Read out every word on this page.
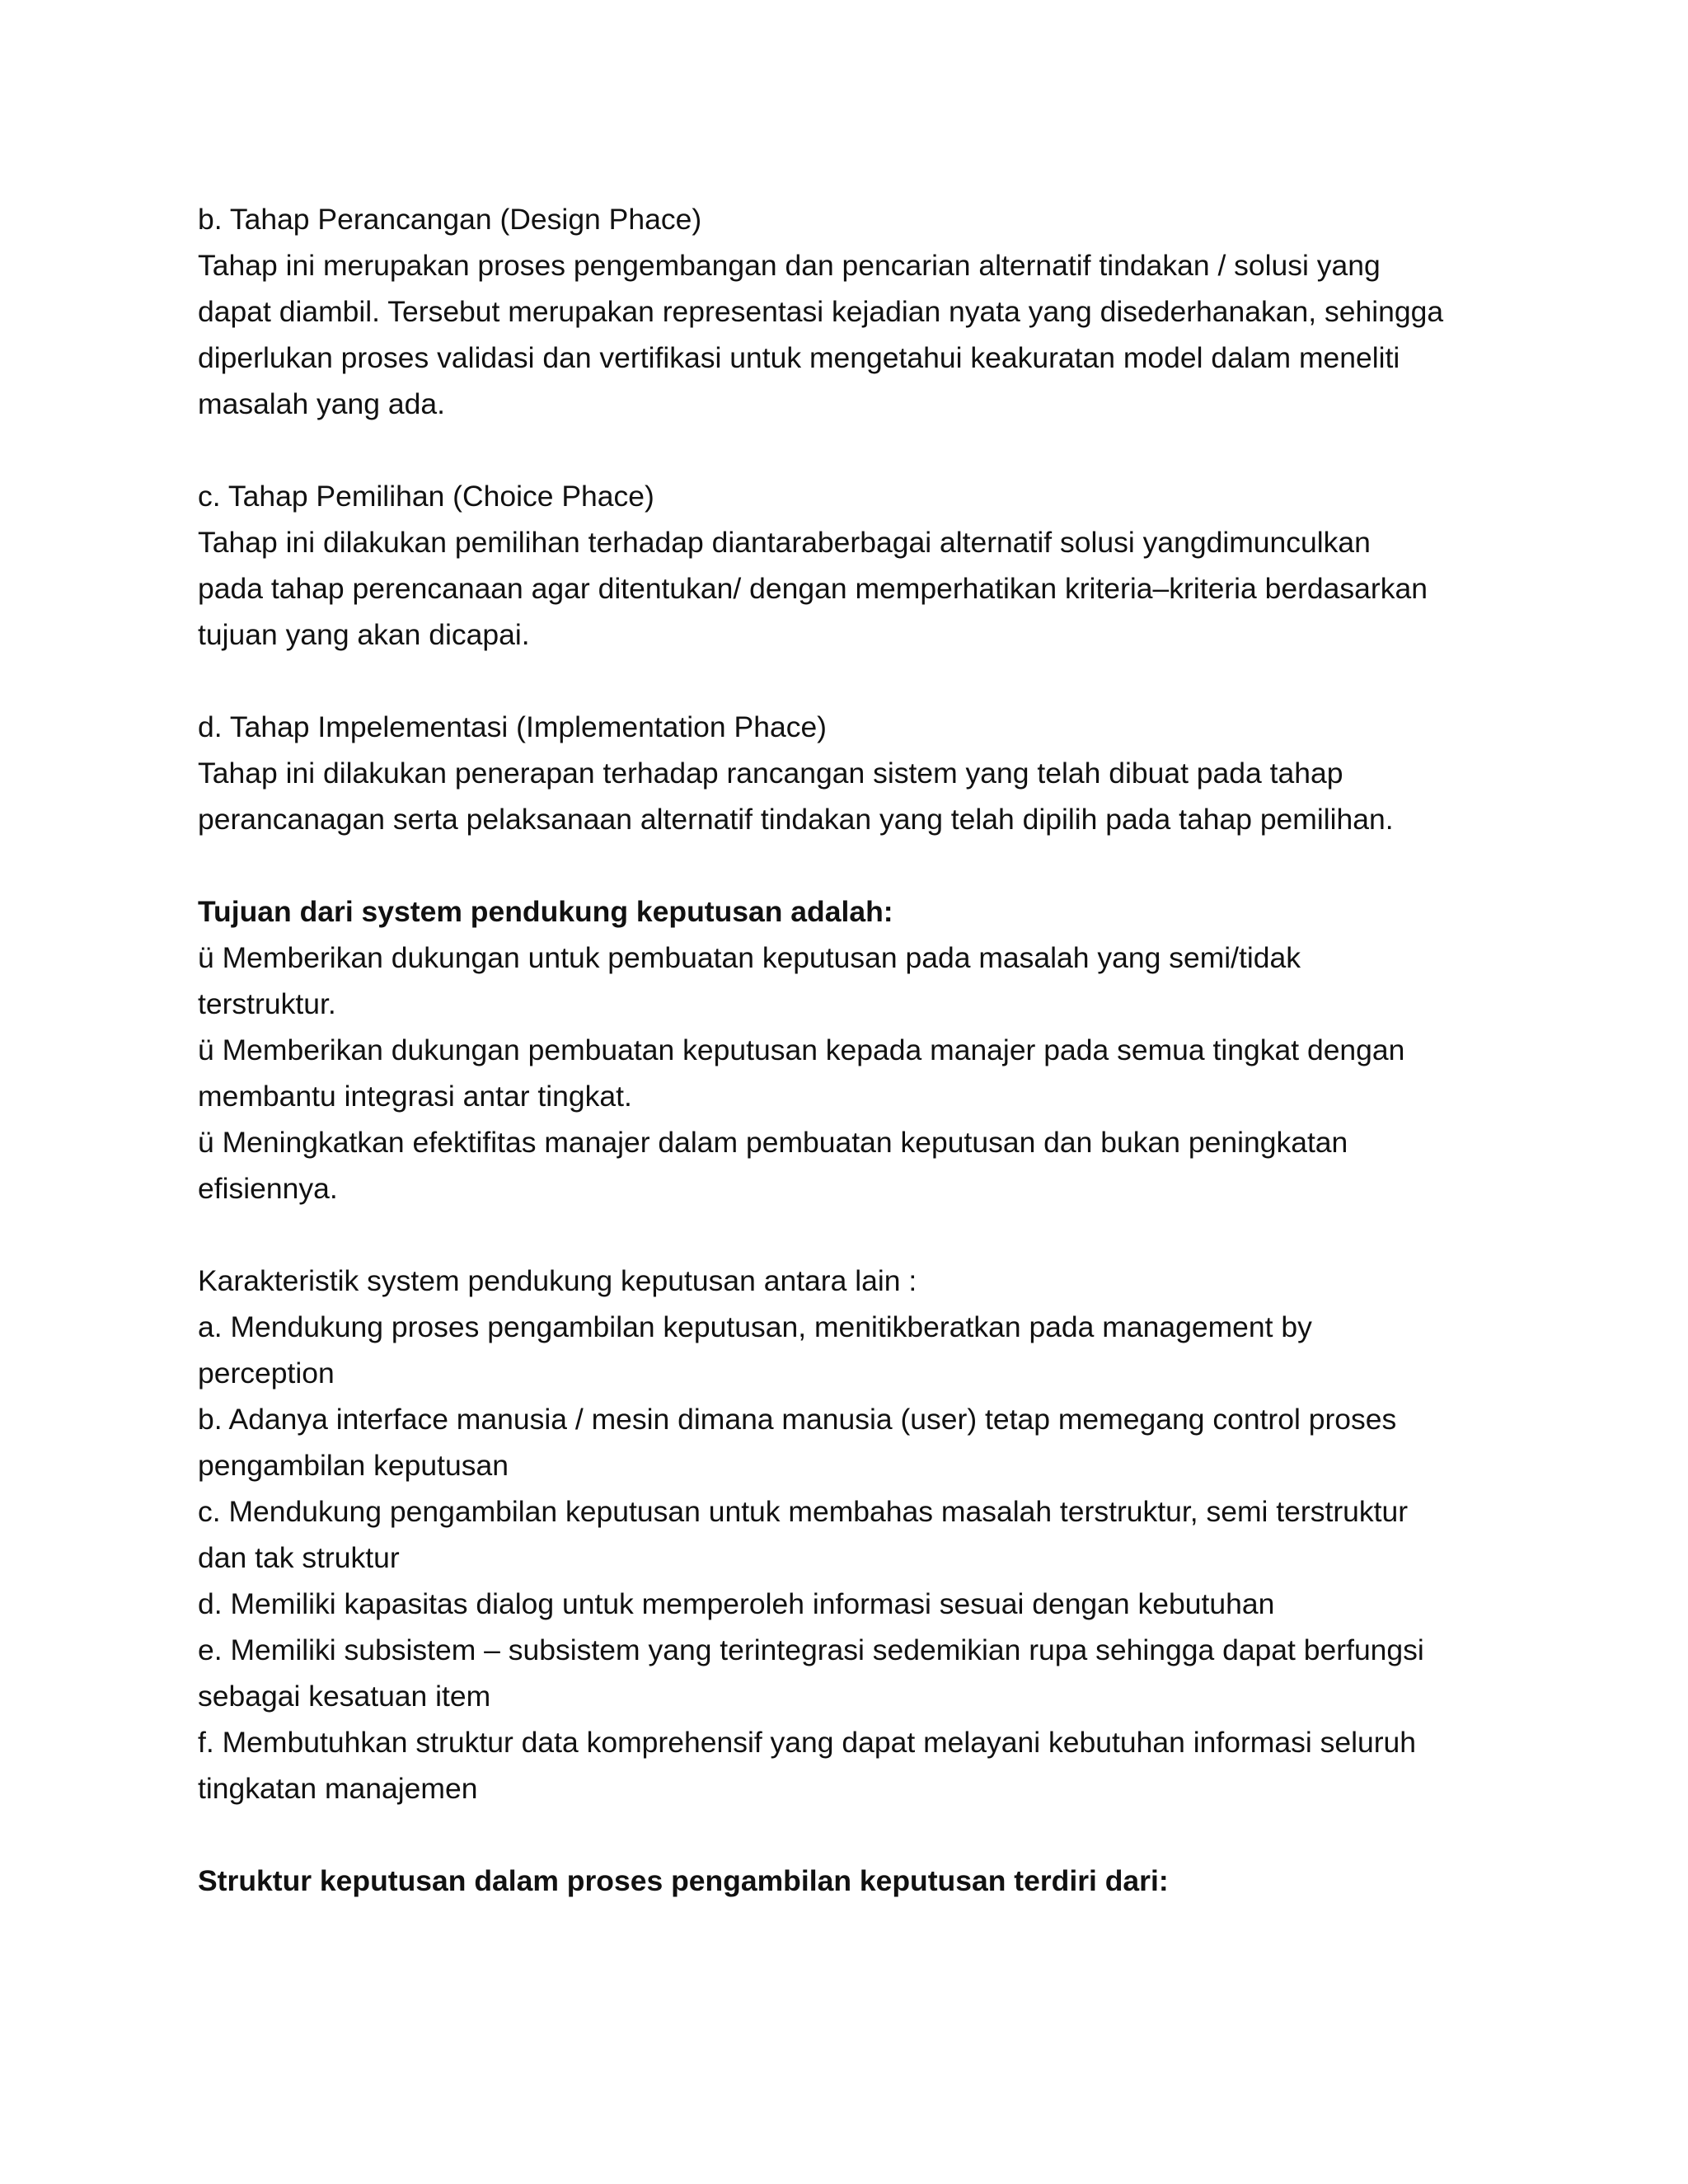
b. Tahap Perancangan (Design Phace)
Tahap ini merupakan proses pengembangan dan pencarian alternatif tindakan / solusi yang
dapat diambil. Tersebut merupakan representasi kejadian nyata yang disederhanakan, sehingga
diperlukan proses validasi dan vertifikasi untuk mengetahui keakuratan model dalam meneliti
masalah yang ada.
c. Tahap Pemilihan (Choice Phace)
Tahap ini dilakukan pemilihan terhadap diantaraberbagai alternatif solusi yangdimunculkan
pada tahap perencanaan agar ditentukan/ dengan memperhatikan kriteria–kriteria berdasarkan
tujuan yang akan dicapai.
d. Tahap Impelementasi (Implementation Phace)
Tahap ini dilakukan penerapan terhadap rancangan sistem yang telah dibuat pada tahap
perancanagan serta pelaksanaan alternatif tindakan yang telah dipilih pada tahap pemilihan.
Tujuan dari system pendukung keputusan adalah:
ü Memberikan dukungan untuk pembuatan keputusan pada masalah yang semi/tidak
terstruktur.
ü Memberikan dukungan pembuatan keputusan kepada manajer pada semua tingkat dengan
membantu integrasi antar tingkat.
ü Meningkatkan efektifitas manajer dalam pembuatan keputusan dan bukan peningkatan
efisiennya.
Karakteristik system pendukung keputusan antara lain :
a. Mendukung proses pengambilan keputusan, menitikberatkan pada management by
perception
b. Adanya interface manusia / mesin dimana manusia (user) tetap memegang control proses
pengambilan keputusan
c. Mendukung pengambilan keputusan untuk membahas masalah terstruktur, semi terstruktur
dan tak struktur
d. Memiliki kapasitas dialog untuk memperoleh informasi sesuai dengan kebutuhan
e. Memiliki subsistem – subsistem yang terintegrasi sedemikian rupa sehingga dapat berfungsi
sebagai kesatuan item
f. Membutuhkan struktur data komprehensif yang dapat melayani kebutuhan informasi seluruh
tingkatan manajemen
Struktur keputusan dalam proses pengambilan keputusan terdiri dari:
